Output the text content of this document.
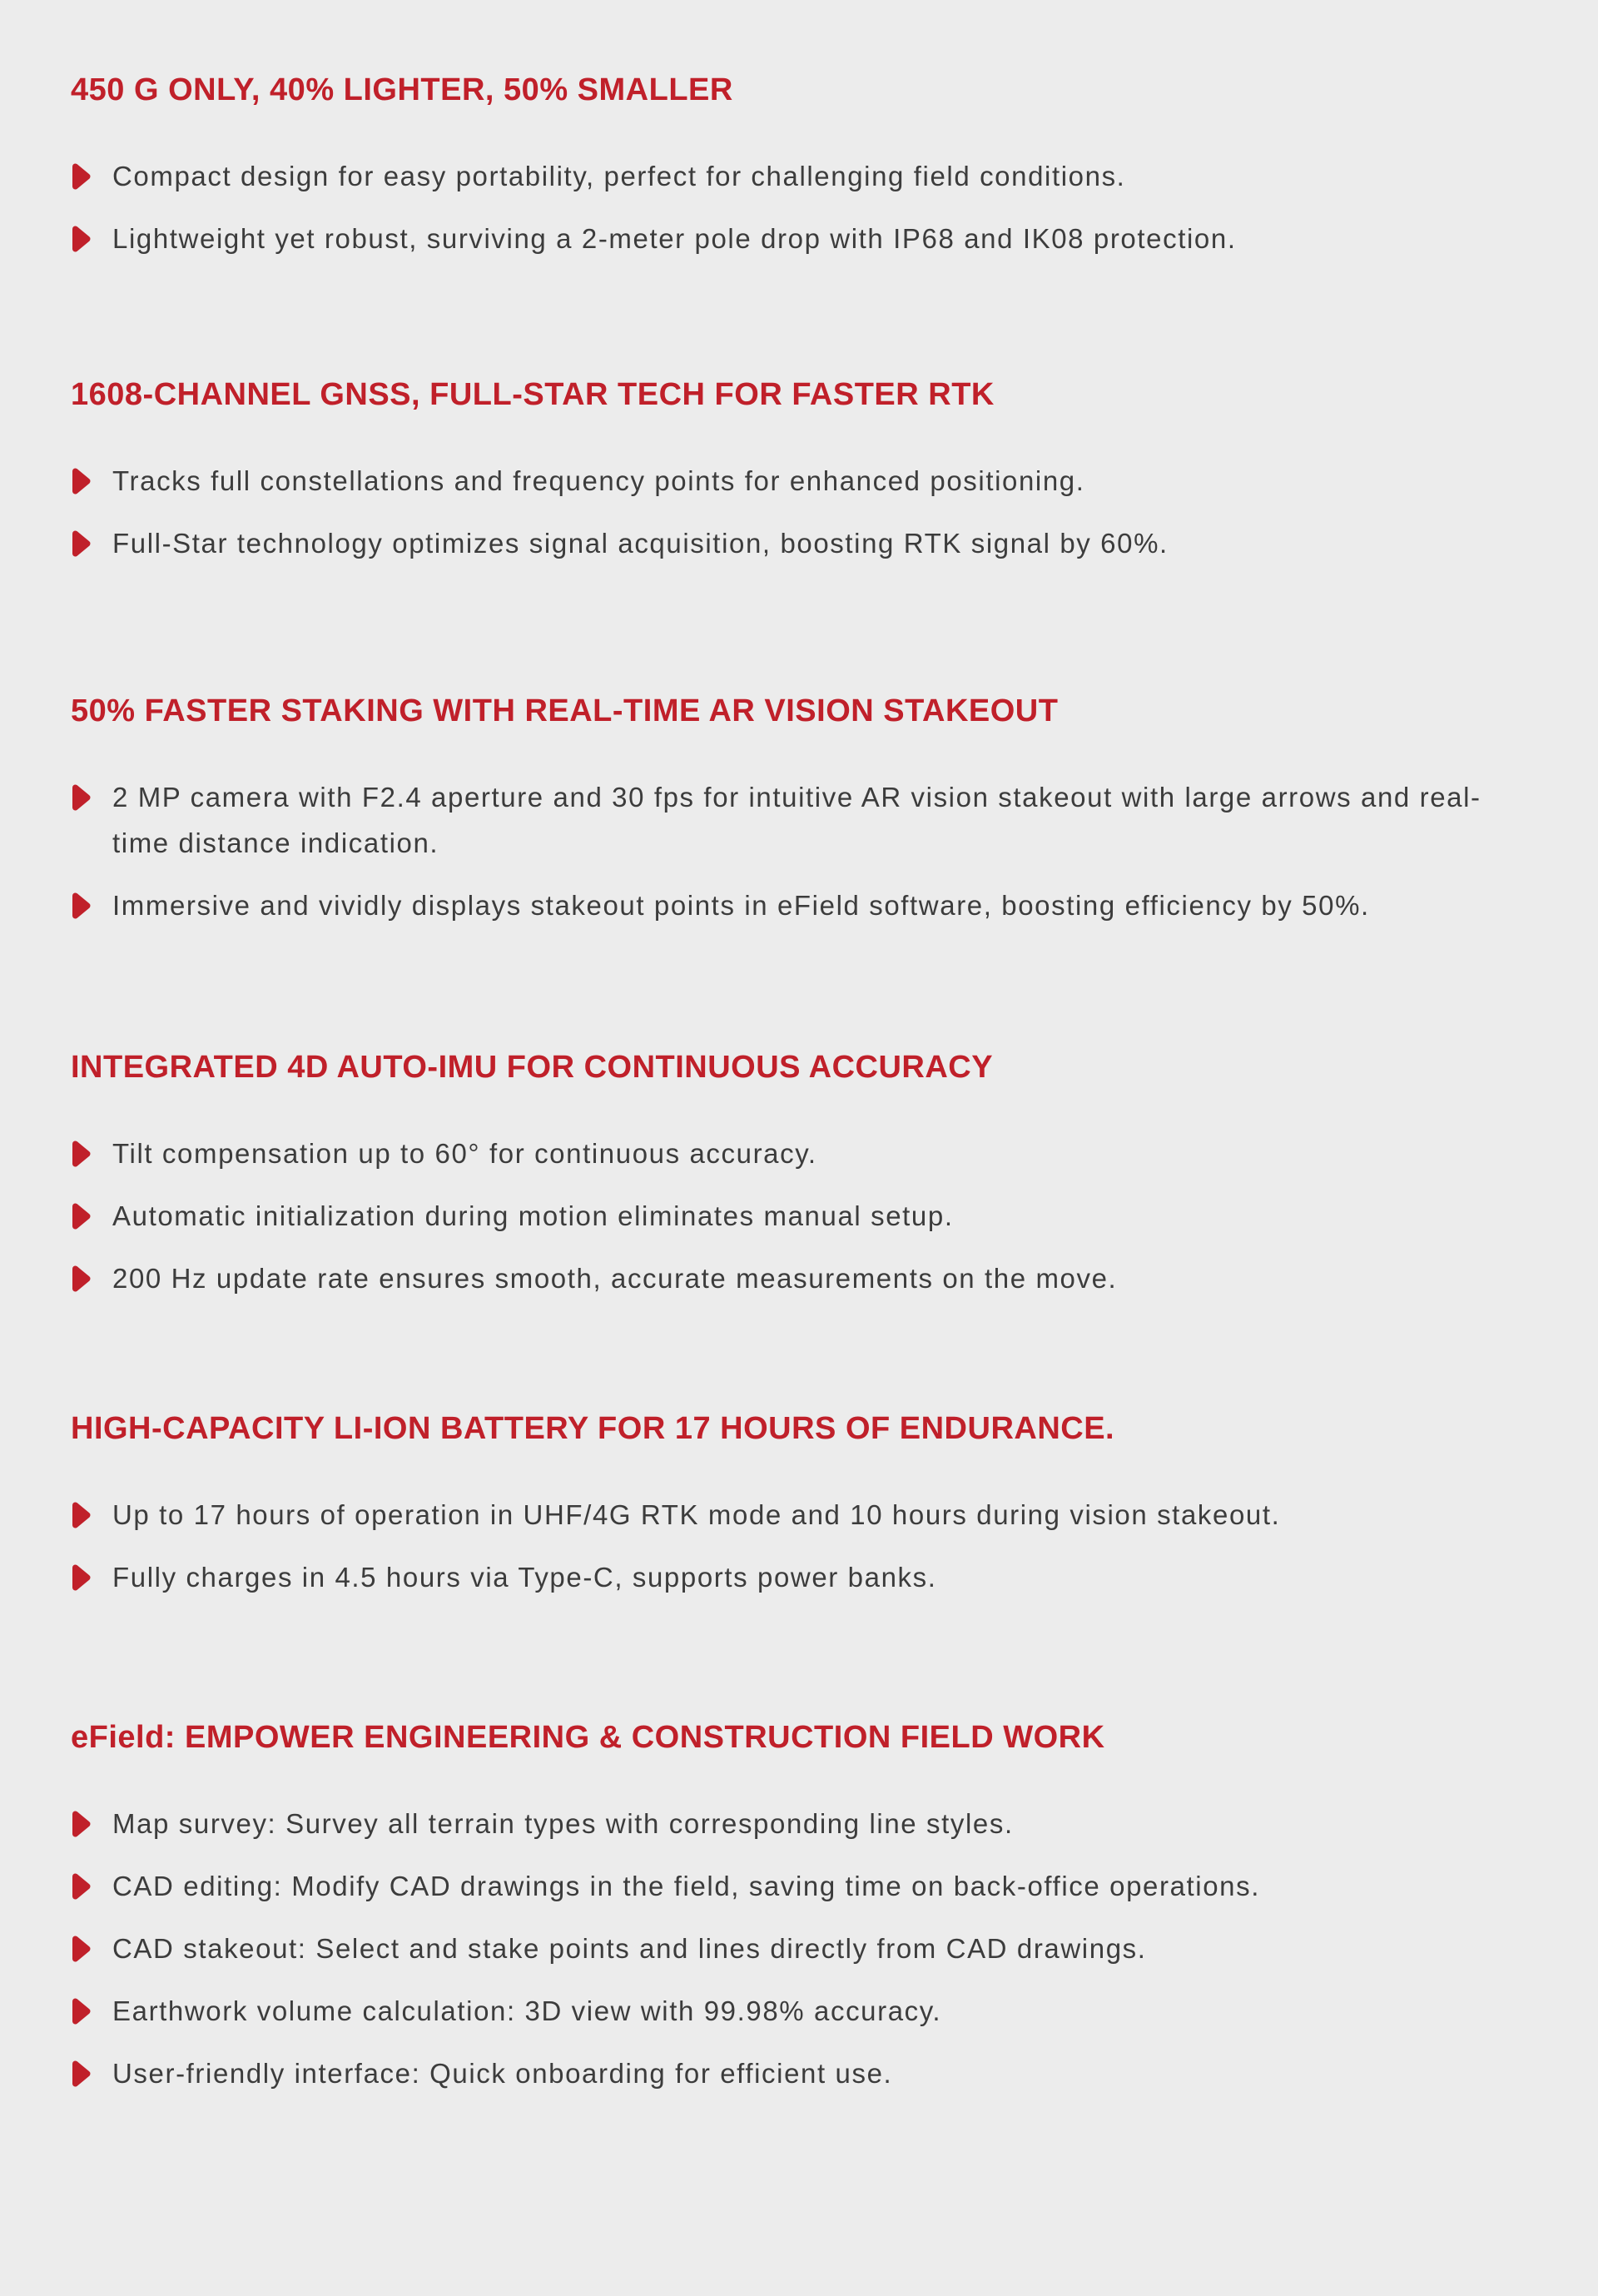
450 G ONLY, 40% LIGHTER, 50% SMALLER
Compact design for easy portability, perfect for challenging field conditions.
Lightweight yet robust, surviving a 2-meter pole drop with IP68 and IK08 protection.
1608-CHANNEL GNSS, FULL-STAR TECH FOR FASTER RTK
Tracks full constellations and frequency points for enhanced positioning.
Full-Star technology optimizes signal acquisition, boosting RTK signal by 60%.
50% FASTER STAKING WITH REAL-TIME AR VISION STAKEOUT
2 MP camera with F2.4 aperture and 30 fps for intuitive AR vision stakeout with large arrows and real-time distance indication.
Immersive and vividly displays stakeout points in eField software, boosting efficiency by 50%.
INTEGRATED 4D AUTO-IMU FOR CONTINUOUS ACCURACY
Tilt compensation up to 60° for continuous accuracy.
Automatic initialization during motion eliminates manual setup.
200 Hz update rate ensures smooth, accurate measurements on the move.
HIGH-CAPACITY LI-ION BATTERY FOR 17 HOURS OF ENDURANCE.
Up to 17 hours of operation in UHF/4G RTK mode and 10 hours during vision stakeout.
Fully charges in 4.5 hours via Type-C, supports power banks.
eField: EMPOWER ENGINEERING & CONSTRUCTION FIELD WORK
Map survey: Survey all terrain types with corresponding line styles.
CAD editing: Modify CAD drawings in the field, saving time on back-office operations.
CAD stakeout: Select and stake points and lines directly from CAD drawings.
Earthwork volume calculation: 3D view with 99.98% accuracy.
User-friendly interface: Quick onboarding for efficient use.
